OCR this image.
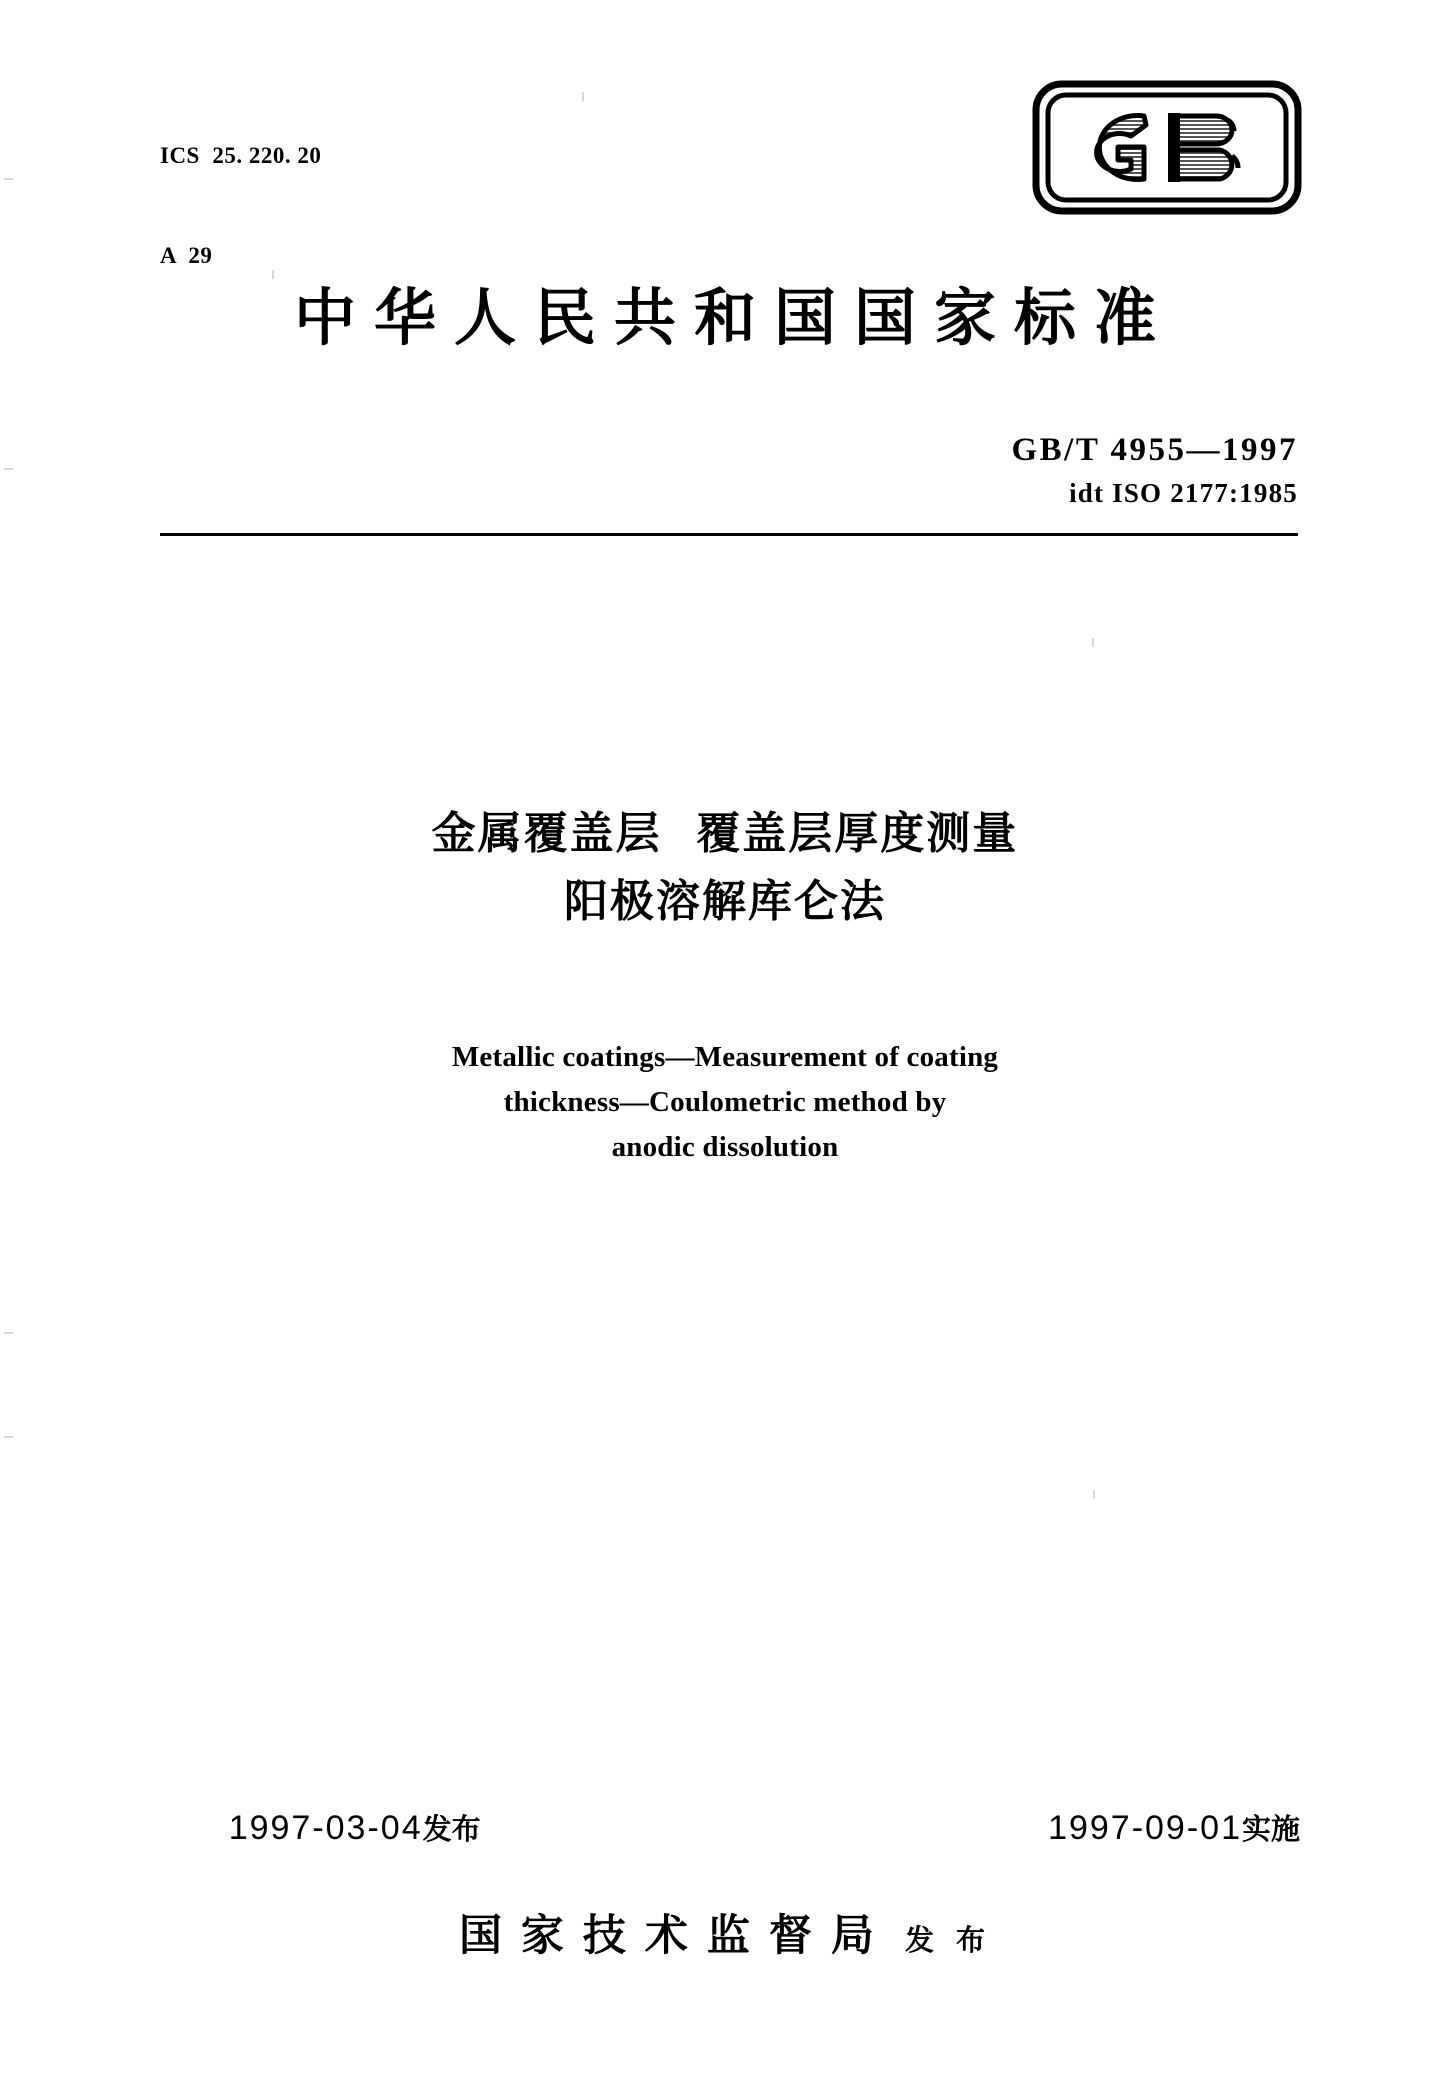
ICS  25. 220. 20

A  29

中华人民共和国国家标准
GB/T 4955—1997
idt ISO 2177:1985
金属覆盖层  覆盖层厚度测量
阳极溶解库仑法
Metallic coatings—Measurement of coating
thickness—Coulometric method by
anodic dissolution

1997-03-04发布
	1997-09-01实施

国家技术监督局 发 布
